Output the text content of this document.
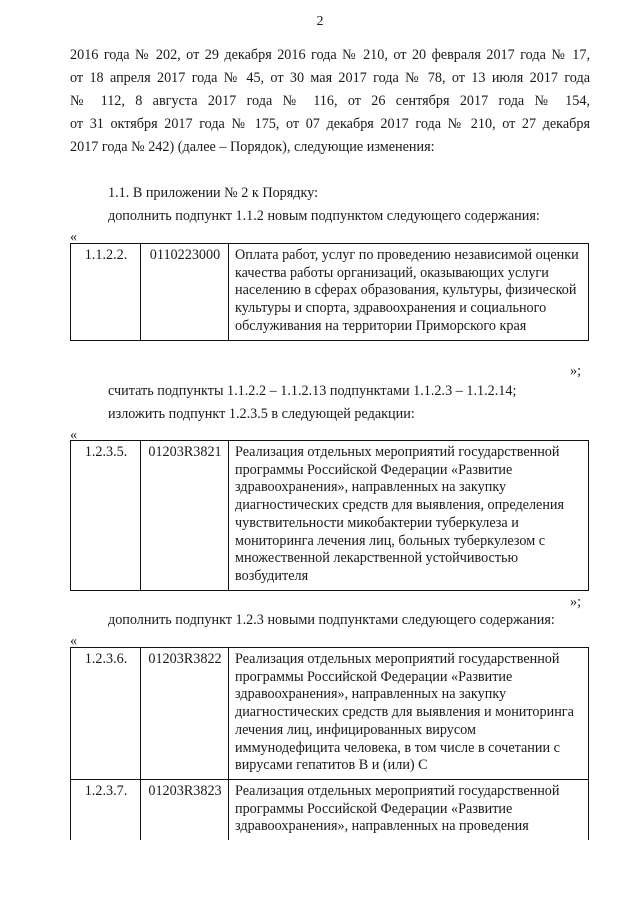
2
2016 года № 202, от 29 декабря 2016 года № 210, от 20 февраля 2017 года № 17,
от 18 апреля 2017 года № 45, от 30 мая 2017 года № 78, от 13 июля 2017 года
№ 112, 8 августа 2017 года № 116, от 26 сентября 2017 года № 154,
от 31 октября 2017 года № 175, от 07 декабря 2017 года № 210, от 27 декабря
2017 года № 242) (далее – Порядок), следующие изменения:
1.1. В приложении № 2 к Порядку:
дополнить подпункт 1.1.2 новым подпунктом следующего содержания:
«
1.1.2.2.	0110223000	Оплата работ, услуг по проведению независимой оценки качества работы организаций, оказывающих услуги населению в сферах образования, культуры, физической культуры и спорта, здравоохранения и социального обслуживания на территории Приморского края
»;
считать подпункты 1.1.2.2 – 1.1.2.13 подпунктами 1.1.2.3 – 1.1.2.14;
изложить подпункт 1.2.3.5 в следующей редакции:
«
1.2.3.5.	01203R3821	Реализация отдельных мероприятий государственной программы Российской Федерации «Развитие здравоохранения», направленных на закупку диагностических средств для выявления, определения чувствительности микобактерии туберкулеза и мониторинга лечения лиц, больных туберкулезом с множественной лекарственной устойчивостью возбудителя
»;
дополнить подпункт 1.2.3 новыми подпунктами следующего содержания:
«
1.2.3.6.	01203R3822	Реализация отдельных мероприятий государственной программы Российской Федерации «Развитие здравоохранения», направленных на закупку диагностических средств для выявления и мониторинга лечения лиц, инфицированных вирусом иммунодефицита человека, в том числе в сочетании с вирусами гепатитов В и (или) С
1.2.3.7.	01203R3823	Реализация отдельных мероприятий государственной программы Российской Федерации «Развитие здравоохранения», направленных на проведения
